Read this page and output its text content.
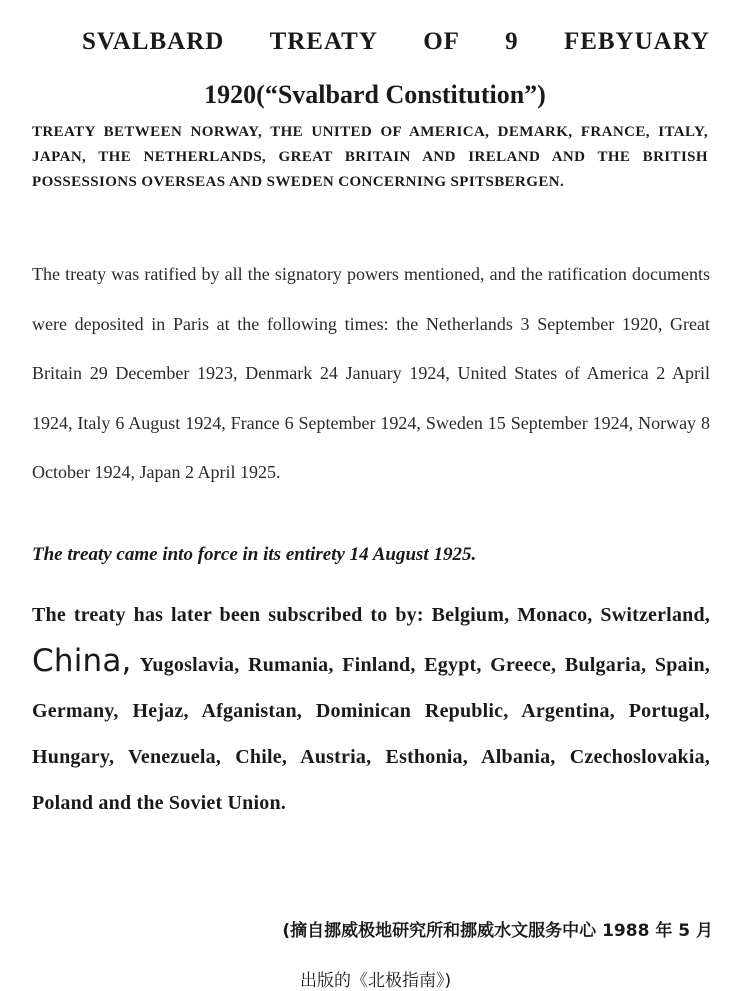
SVALBARD TREATY OF 9 FEBYUARY
1920(“Svalbard Constitution”)
TREATY BETWEEN NORWAY, THE UNITED OF AMERICA, DEMARK, FRANCE, ITALY, JAPAN, THE NETHERLANDS, GREAT BRITAIN AND IRELAND AND THE BRITISH POSSESSIONS OVERSEAS AND SWEDEN CONCERNING SPITSBERGEN.
The treaty was ratified by all the signatory powers mentioned, and the ratification documents were deposited in Paris at the following times: the Netherlands 3 September 1920, Great Britain 29 December 1923, Denmark 24 January 1924, United States of America 2 April 1924, Italy 6 August 1924, France 6 September 1924, Sweden 15 September 1924, Norway 8 October 1924, Japan 2 April 1925.
The treaty came into force in its entirety 14 August 1925.
The treaty has later been subscribed to by: Belgium, Monaco, Switzerland, China, Yugoslavia, Rumania, Finland, Egypt, Greece, Bulgaria, Spain, Germany, Hejaz, Afganistan, Dominican Republic, Argentina, Portugal, Hungary, Venezuela, Chile, Austria, Esthonia, Albania, Czechoslovakia, Poland and the Soviet Union.
(摘自挪威极地研究所和挪威水文服务中心 1988 年 5 月
出版的《北极指南》)
